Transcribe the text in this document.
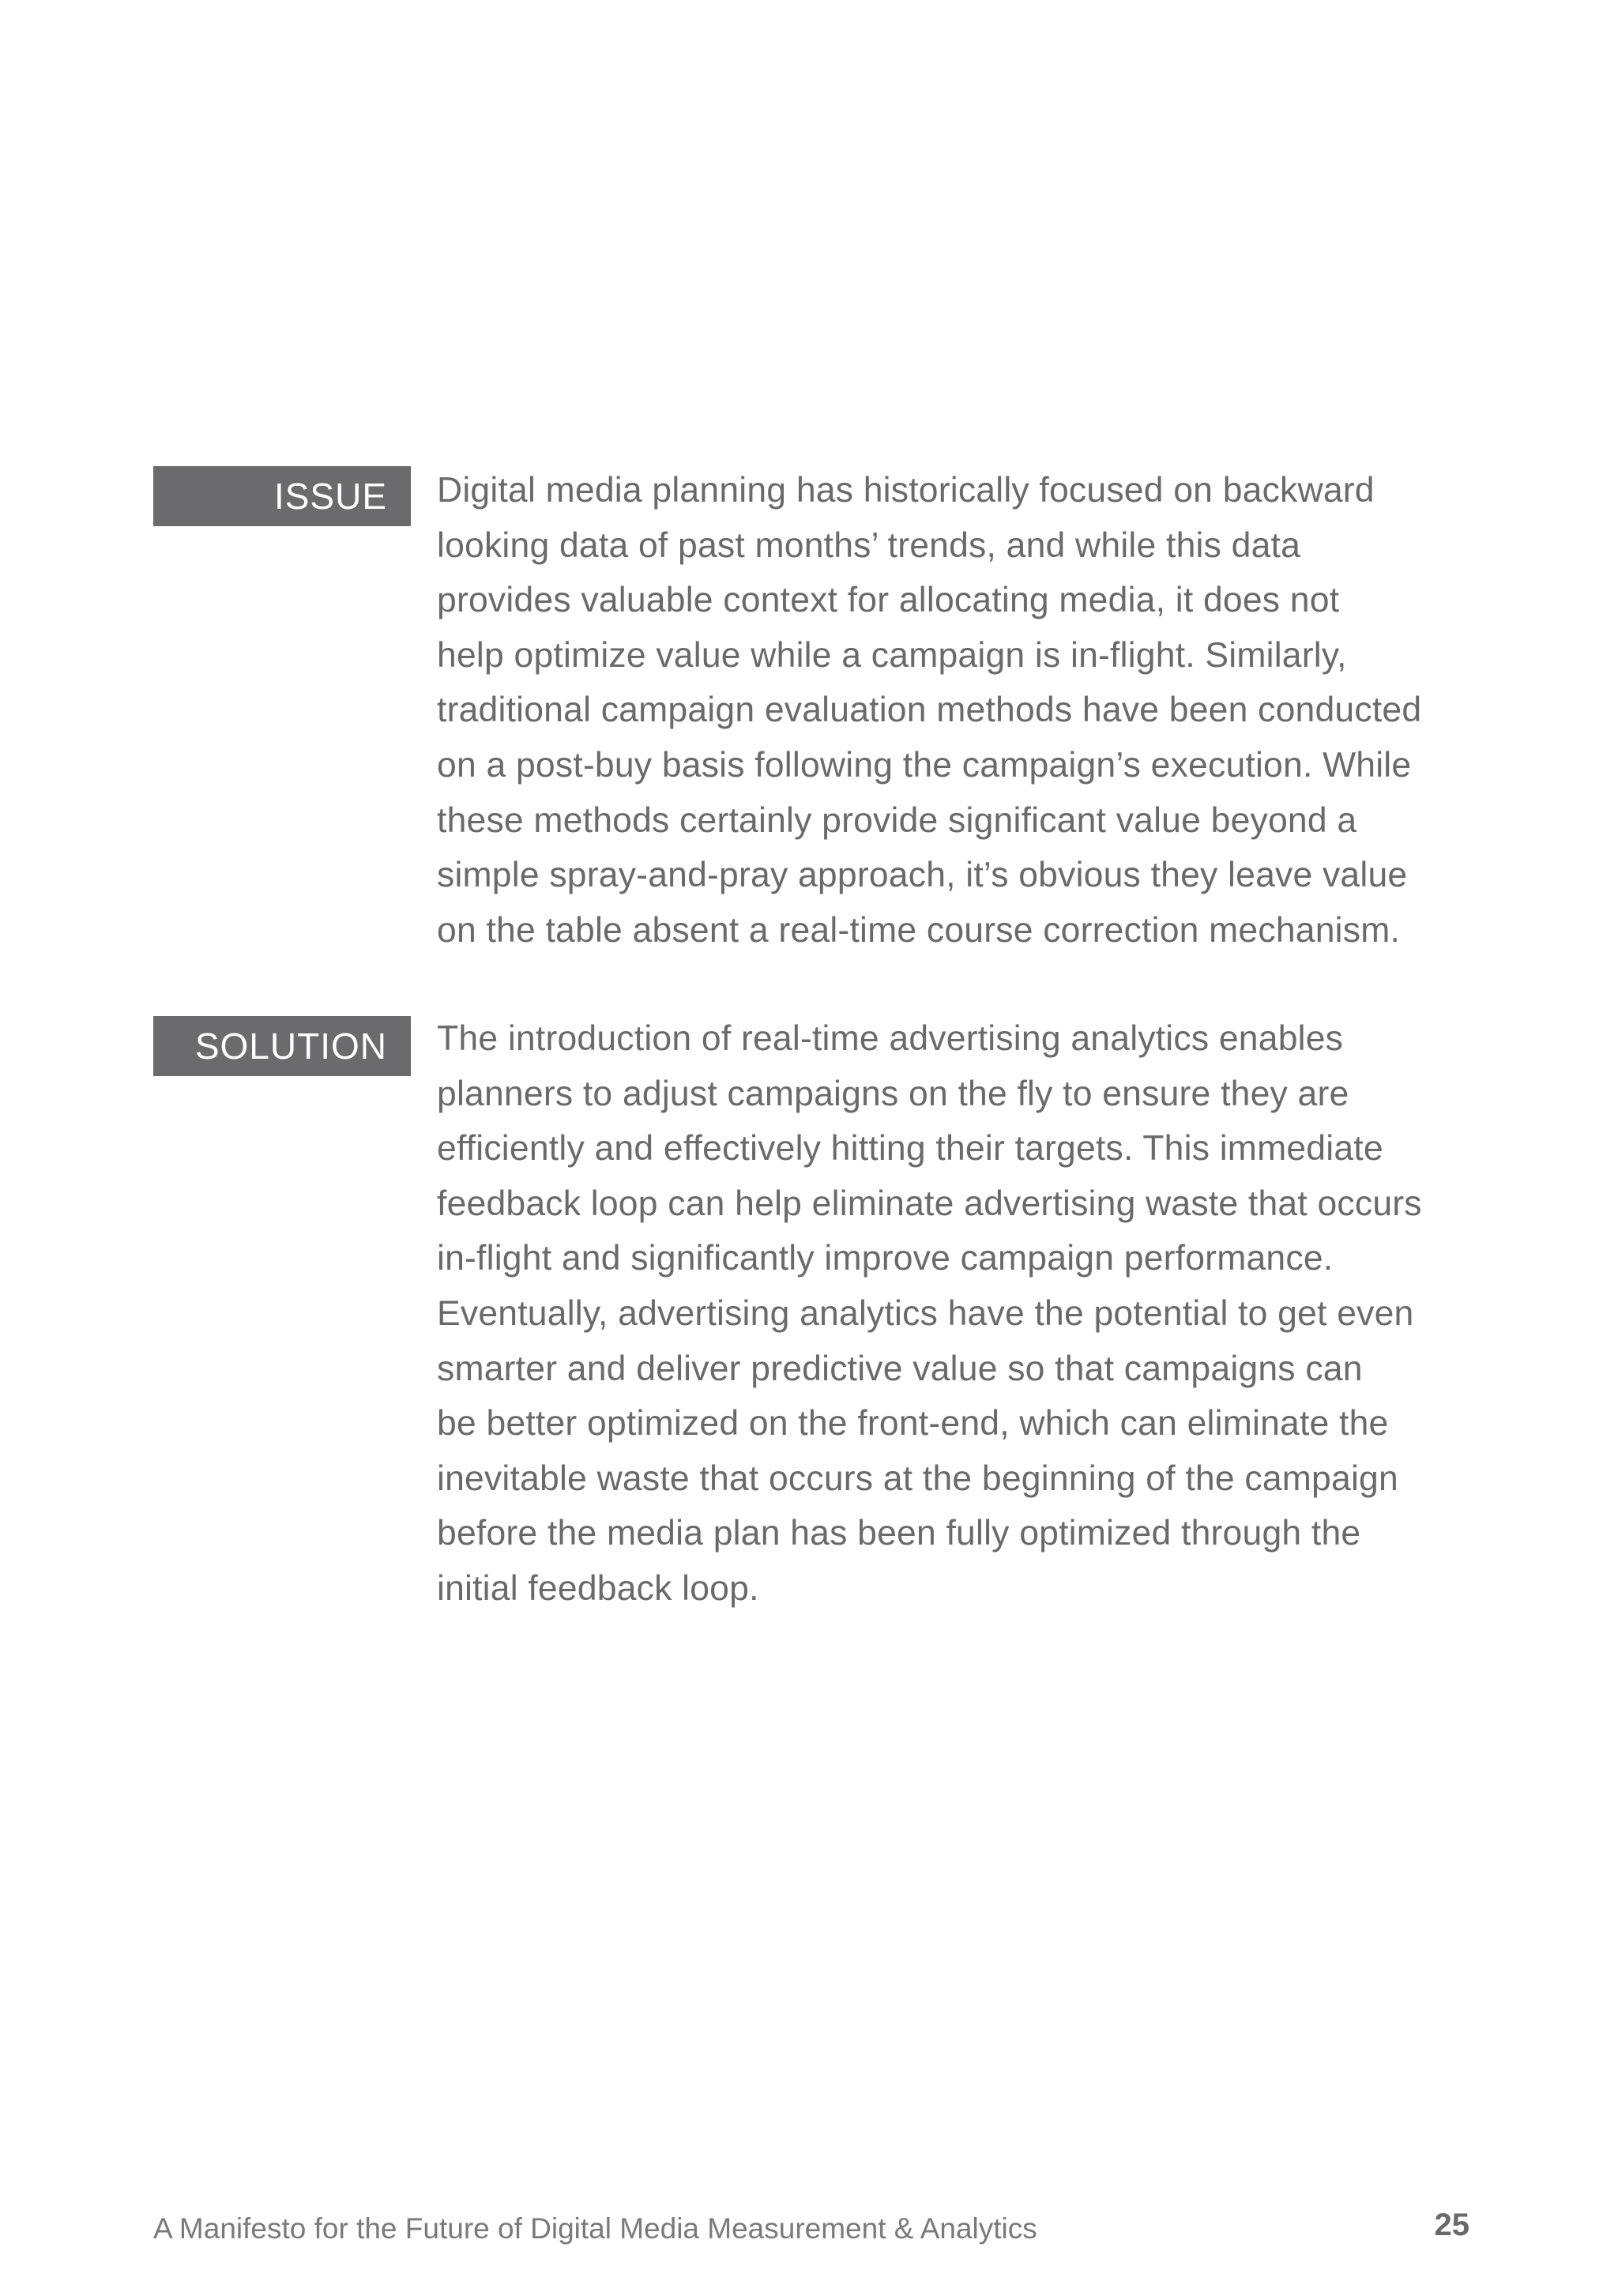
ISSUE	Digital media planning has historically focused on backward
looking data of past months’ trends, and while this data
provides valuable context for allocating media, it does not
help optimize value while a campaign is in-flight. Similarly,
traditional campaign evaluation methods have been conducted
on a post-buy basis following the campaign’s execution. While
these methods certainly provide significant value beyond a
simple spray-and-pray approach, it’s obvious they leave value
on the table absent a real-time course correction mechanism.

SOLUTION	The introduction of real-time advertising analytics enables
planners to adjust campaigns on the fly to ensure they are
efficiently and effectively hitting their targets. This immediate
feedback loop can help eliminate advertising waste that occurs
in-flight and significantly improve campaign performance.
Eventually, advertising analytics have the potential to get even
smarter and deliver predictive value so that campaigns can
be better optimized on the front-end, which can eliminate the
inevitable waste that occurs at the beginning of the campaign
before the media plan has been fully optimized through the
initial feedback loop.

A Manifesto for the Future of Digital Media Measurement & Analytics	25
